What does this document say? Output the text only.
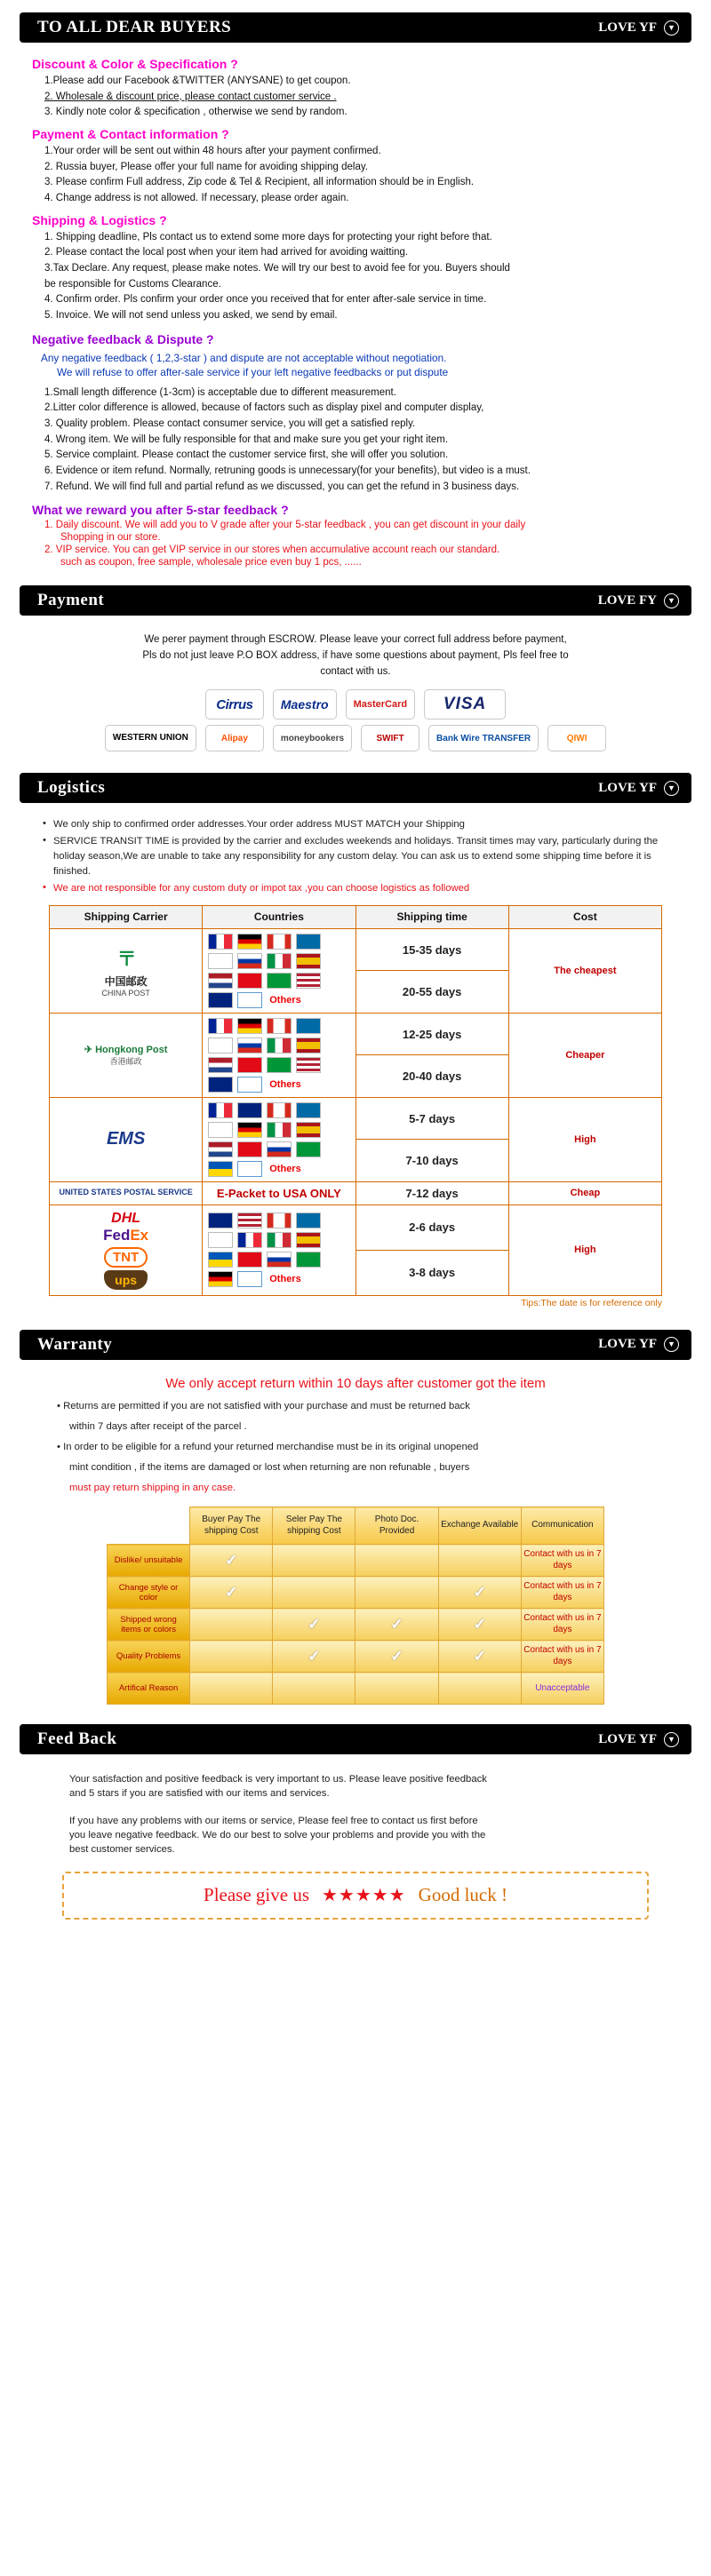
TO ALL DEAR BUYERS	LOVE YF	▼
Discount & Color & Specification ?
1.Please add our Facebook &TWITTER (ANYSANE) to get coupon.
2. Wholesale & discount price, please contact customer service .
3. Kindly note color & specification , otherwise we send by random.
Payment & Contact information ?
1.Your order will be sent out within 48 hours after your payment confirmed.
2. Russia buyer, Please offer your full name for avoiding shipping delay.
3. Please confirm Full address, Zip code & Tel & Recipient, all information should be in English.
4. Change address is not allowed. If necessary, please order again.
Shipping & Logistics ?
1. Shipping deadline, Pls contact us to extend some more days for protecting your right before that.
2. Please contact the local post when your item had arrived for avoiding waitting.
3.Tax Declare. Any request, please make notes. We will try our best to avoid fee for you. Buyers should
be responsible for Customs Clearance.
4. Confirm order. Pls confirm your order once you received that for enter after-sale service in time.
5. Invoice. We will not send unless you asked, we send by email.
Negative feedback & Dispute ?
Any negative feedback ( 1,2,3-star ) and dispute are not acceptable without negotiation.
We will refuse to offer after-sale service if your left negative feedbacks or put dispute
1.Small length difference (1-3cm) is acceptable due to different measurement.
2.Litter color difference is allowed, because of factors such as display pixel and computer display,
3. Quality problem. Please contact consumer service, you will get a satisfied reply.
4. Wrong item. We will be fully responsible for that and make sure you get your right item.
5. Service complaint. Please contact the customer service first, she will offer you solution.
6. Evidence or item refund. Normally, retruning goods is unnecessary(for your benefits), but video is a must.
7. Refund. We will find full and partial refund as we discussed, you can get the refund in 3 business days.
What we reward you after 5-star feedback ?
1. Daily discount. We will add you to V grade after your 5-star feedback , you can get discount in your daily
Shopping in our store.
2. VIP service. You can get VIP service in our stores when accumulative account reach our standard.
such as coupon, free sample, wholesale price even buy 1 pcs, ......
Payment	LOVE FY	▼
We perer payment through ESCROW. Please leave your correct full address before payment,
Pls do not just leave P.O BOX address, if have some questions about payment, Pls feel free to
contact with us.
Cirrus	Maestro	MasterCard	VISA
WESTERN UNION	Alipay	moneybookers	SWIFT	Bank Wire TRANSFER	QIWI
Logistics	LOVE YF	▼
• We only ship to confirmed order addresses.Your order address MUST MATCH your Shipping
• SERVICE TRANSIT TIME is provided by the carrier and excludes weekends and holidays. Transit times may vary, particularly during the holiday season,We are unable to take any responsibility for any custom delay. You can ask us to extend some shipping time before it is finished.
• We are not responsible for any custom duty or impot tax ,you can choose logistics as followed
Shipping Carrier	Countries	Shipping time	Cost

〒
中国邮政
CHINA POST	Others	15-35 days	The cheapest
		20-55 days	

✈ Hongkong Post
香港邮政	Others	12-25 days	Cheaper
		20-40 days	

EMS	Others	5-7 days	High
		7-10 days	

UNITED STATES POSTAL SERVICE	E-Packet to USA ONLY	7-12 days	Cheap

DHL
FedEx
TNT
ups	Others	2-6 days	High
		3-8 days	
Tips:The date is for reference only
Warranty	LOVE YF	▼
We only accept return within 10 days after customer got the item
• Returns are permitted if you are not satisfied with your purchase and must be returned back
within 7 days after receipt of the parcel .
• In order to be eligible for a refund your returned merchandise must be in its original unopened
mint condition , if the items are damaged or lost when returning are non refunable , buyers
must pay return shipping in any case.
	Buyer Pay The shipping Cost	Seler Pay The shipping Cost	Photo Doc. Provided	Exchange Available	Communication
Dislike/ unsuitable	✓				Contact with us in 7 days
Change style or color	✓			✓	Contact with us in 7 days
Shipped wrong items or colors		✓	✓	✓	Contact with us in 7 days
Quality Problems		✓	✓	✓	Contact with us in 7 days
Artifical Reason					Unacceptable
Feed Back	LOVE YF	▼
Your satisfaction and positive feedback is very important to us. Please leave positive feedback
and 5 stars if you are satisfied with our items and services.
If you have any problems with our items or service, Please feel free to contact us first before
you leave negative feedback. We do our best to solve your problems and provide you with the
best customer services.
Please give us ★★★★★ Good luck !
